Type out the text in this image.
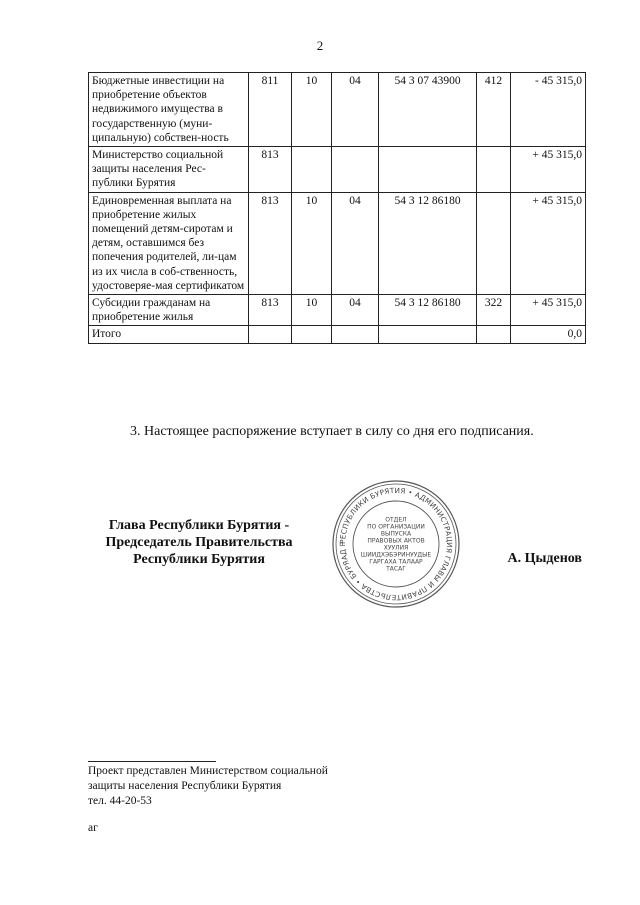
2
Бюджетные инвестиции на приобретение объектов недвижимого имущества в государственную (муни-ципальную) собствен-ность	811	10	04	54 3 07 43900	412	- 45 315,0
Министерство социальной защиты населения Рес-публики Бурятия	813					+ 45 315,0
Единовременная выплата на приобретение жилых помещений детям-сиротам и детям, оставшимся без попечения родителей, ли-цам из их числа в соб-ственность, удостоверяе-мая сертификатом	813	10	04	54 3 12 86180		+ 45 315,0
Субсидии гражданам на приобретение жилья	813	10	04	54 3 12 86180	322	+ 45 315,0
Итого						0,0
3. Настоящее распоряжение вступает в силу со дня его подписания.
Глава Республики Бурятия -
Председатель Правительства
Республики Бурятия
РЕСПУБЛИКИ БУРЯТИЯ • АДМИНИСТРАЦИЯ ГЛАВЫ И ПРАВИТЕЛЬСТВА • БУРЯАД Р
ОТДЕЛ
ПО ОРГАНИЗАЦИИ
ВЫПУСКА
ПРАВОВЫХ АКТОВ
ХУУЛИЯ
ШИИДХЭБЭРИНУУДЫЕ
ГАРГАХА ТАЛААР
ТАСАГ
А. Цыденов
Проект представлен Министерством социальной
защиты населения Республики Бурятия
тел. 44-20-53
аг
